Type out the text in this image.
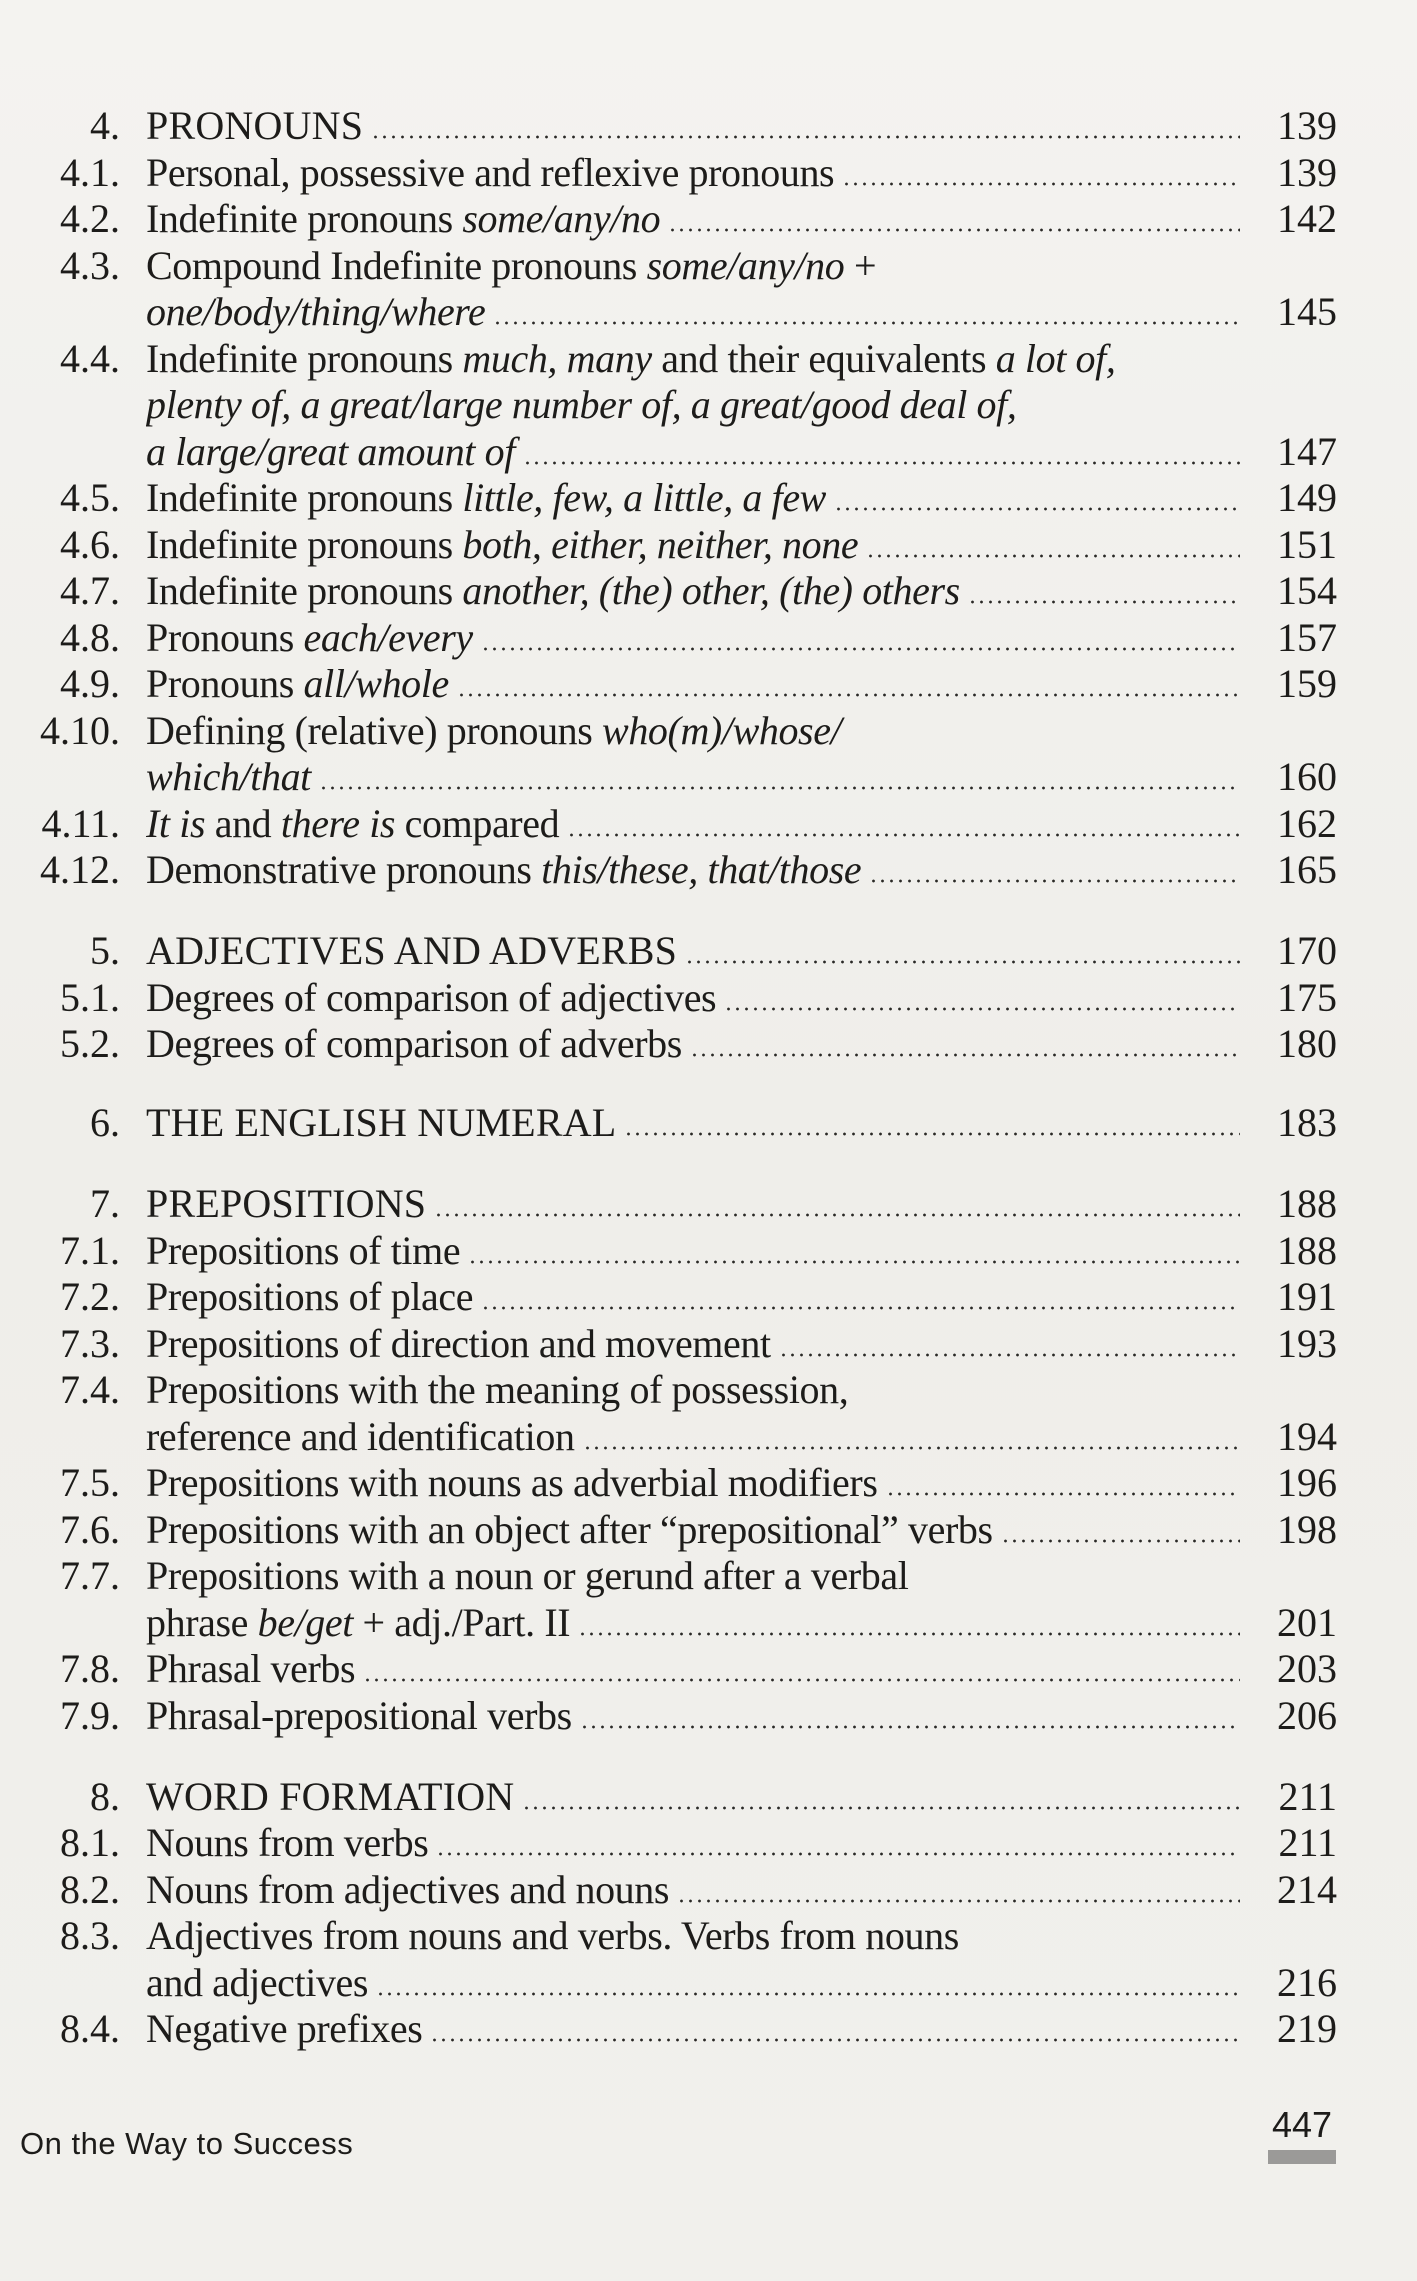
4. PRONOUNS	139
4.1. Personal, possessive and reflexive pronouns	139
4.2. Indefinite pronouns some/any/no	142
4.3. Compound Indefinite pronouns some/any/no +
one/body/thing/where	145
4.4. Indefinite pronouns much, many and their equivalents a lot of,
plenty of, a great/large number of, a great/good deal of,
a large/great amount of	147
4.5. Indefinite pronouns little, few, a little, a few	149
4.6. Indefinite pronouns both, either, neither, none	151
4.7. Indefinite pronouns another, (the) other, (the) others	154
4.8. Pronouns each/every	157
4.9. Pronouns all/whole	159
4.10. Defining (relative) pronouns who(m)/whose/
which/that	160
4.11. It is and there is compared	162
4.12. Demonstrative pronouns this/these, that/those	165
5. ADJECTIVES AND ADVERBS	170
5.1. Degrees of comparison of adjectives	175
5.2. Degrees of comparison of adverbs	180
6. THE ENGLISH NUMERAL	183
7. PREPOSITIONS	188
7.1. Prepositions of time	188
7.2. Prepositions of place	191
7.3. Prepositions of direction and movement	193
7.4. Prepositions with the meaning of possession,
reference and identification	194
7.5. Prepositions with nouns as adverbial modifiers	196
7.6. Prepositions with an object after “prepositional” verbs	198
7.7. Prepositions with a noun or gerund after a verbal
phrase be/get + adj./Part. II	201
7.8. Phrasal verbs	203
7.9. Phrasal-prepositional verbs	206
8. WORD FORMATION	211
8.1. Nouns from verbs	211
8.2. Nouns from adjectives and nouns	214
8.3. Adjectives from nouns and verbs. Verbs from nouns
and adjectives	216
8.4. Negative prefixes	219
On the Way to Success	447
